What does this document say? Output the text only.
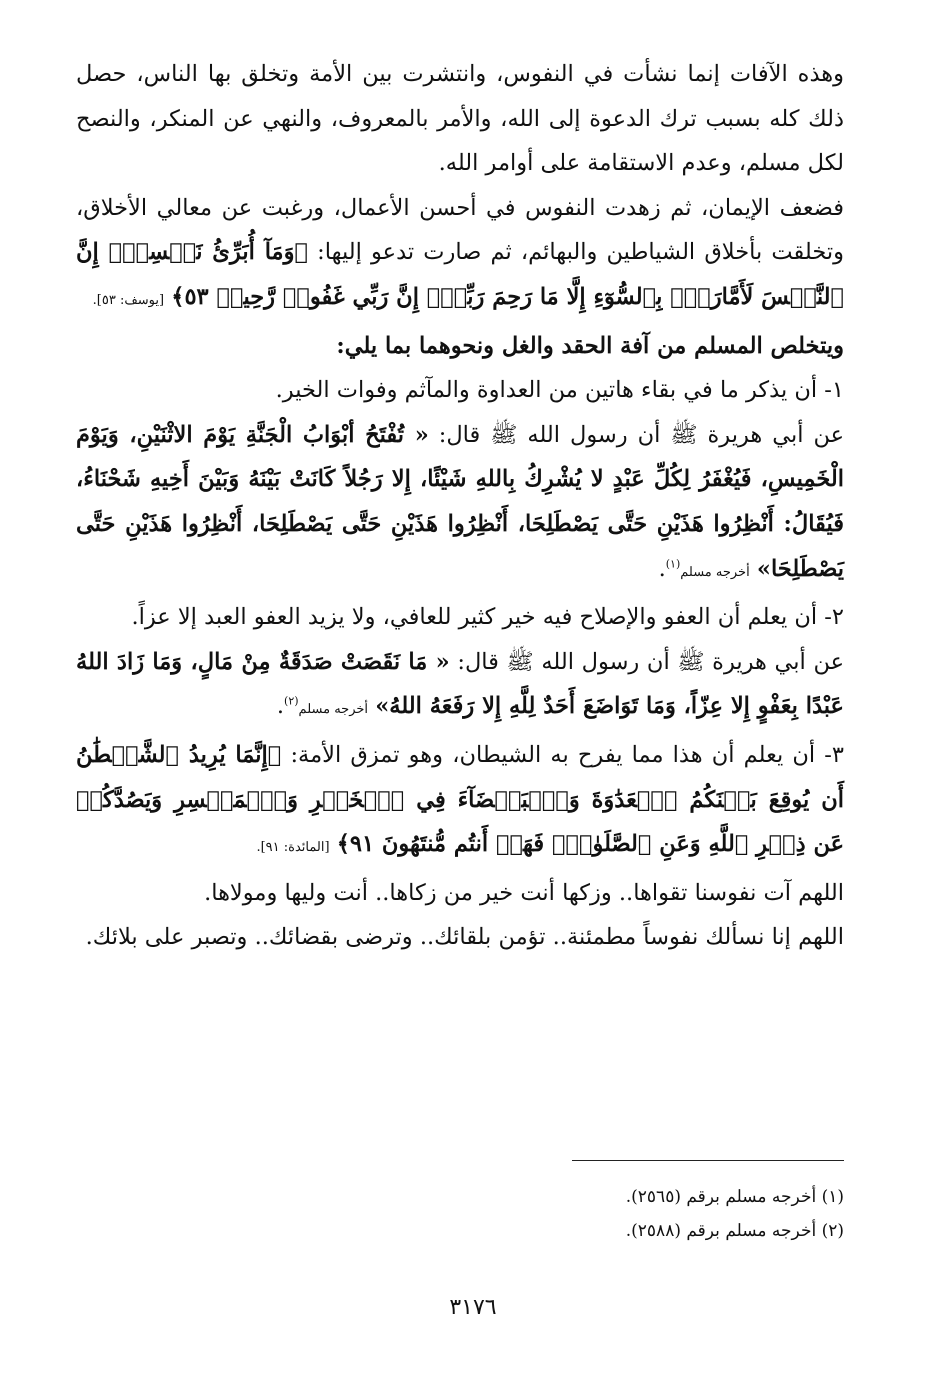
وهذه الآفات إنما نشأت في النفوس، وانتشرت بين الأمة وتخلق بها الناس، حصل ذلك كله بسبب ترك الدعوة إلى الله، والأمر بالمعروف، والنهي عن المنكر، والنصح لكل مسلم، وعدم الاستقامة على أوامر الله.

فضعف الإيمان، ثم زهدت النفوس في أحسن الأعمال، ورغبت عن معالي الأخلاق، وتخلقت بأخلاق الشياطين والبهائم، ثم صارت تدعو إليها: ﴿وَمَآ أُبَرِّئُ نَفۡسِيٓۚ إِنَّ ٱلنَّفۡسَ لَأَمَّارَةُۢ بِٱلسُّوٓءِ إِلَّا مَا رَحِمَ رَبِّيٓۚ إِنَّ رَبِّي غَفُورٞ رَّحِيمٞ ٥٣﴾ [يوسف: ٥٣].

ويتخلص المسلم من آفة الحقد والغل ونحوهما بما يلي:

١- أن يذكر ما في بقاء هاتين من العداوة والمآثم وفوات الخير.

عن أبي هريرة ﷺ أن رسول الله ﷺ قال: « تُفْتَحُ أبْوَابُ الْجَنَّةِ يَوْمَ الاثْنَيْنِ، وَيَوْمَ الْخَمِيسِ، فَيُغْفَرُ لِكُلِّ عَبْدٍ لا يُشْرِكُ بِاللهِ شَيْئًا، إِلا رَجُلاً كَانَتْ بَيْنَهُ وَبَيْنَ أَخِيهِ شَحْنَاءُ، فَيُقَالُ: أَنْظِرُوا هَذَيْنِ حَتَّى يَصْطَلِحَا، أَنْظِرُوا هَذَيْنِ حَتَّى يَصْطَلِحَا، أَنْظِرُوا هَذَيْنِ حَتَّى يَصْطَلِحَا» أخرجه مسلم$^{(١)}$.

٢- أن يعلم أن العفو والإصلاح فيه خير كثير للعافي، ولا يزيد العفو العبد إلا عزاً.

عن أبي هريرة ﷺ أن رسول الله ﷺ قال: « مَا نَقَصَتْ صَدَقَةٌ مِنْ مَالٍ، وَمَا زَادَ اللهُ عَبْدًا بِعَفْوٍ إِلا عِزّاً، وَمَا تَوَاضَعَ أَحَدٌ لِلَّهِ إِلا رَفَعَهُ اللهُ» أخرجه مسلم$^{(٢)}$.

٣- أن يعلم أن هذا مما يفرح به الشيطان، وهو تمزق الأمة: ﴿إِنَّمَا يُرِيدُ ٱلشَّيۡطَٰنُ أَن يُوقِعَ بَيۡنَكُمُ ٱلۡعَدَٰوَةَ وَٱلۡبَغۡضَآءَ فِي ٱلۡخَمۡرِ وَٱلۡمَيۡسِرِ وَيَصُدَّكُمۡ عَن ذِكۡرِ ٱللَّهِ وَعَنِ ٱلصَّلَوٰةِۖ فَهَلۡ أَنتُم مُّنتَهُونَ ٩١﴾ [المائدة: ٩١].

اللهم آت نفوسنا تقواها.. وزكها أنت خير من زكاها.. أنت وليها ومولاها.

اللهم إنا نسألك نفوساً مطمئنة.. تؤمن بلقائك.. وترضى بقضائك.. وتصبر على بلائك.

(١) أخرجه مسلم برقم (٢٥٦٥).

(٢) أخرجه مسلم برقم (٢٥٨٨).

٣١٧٦
